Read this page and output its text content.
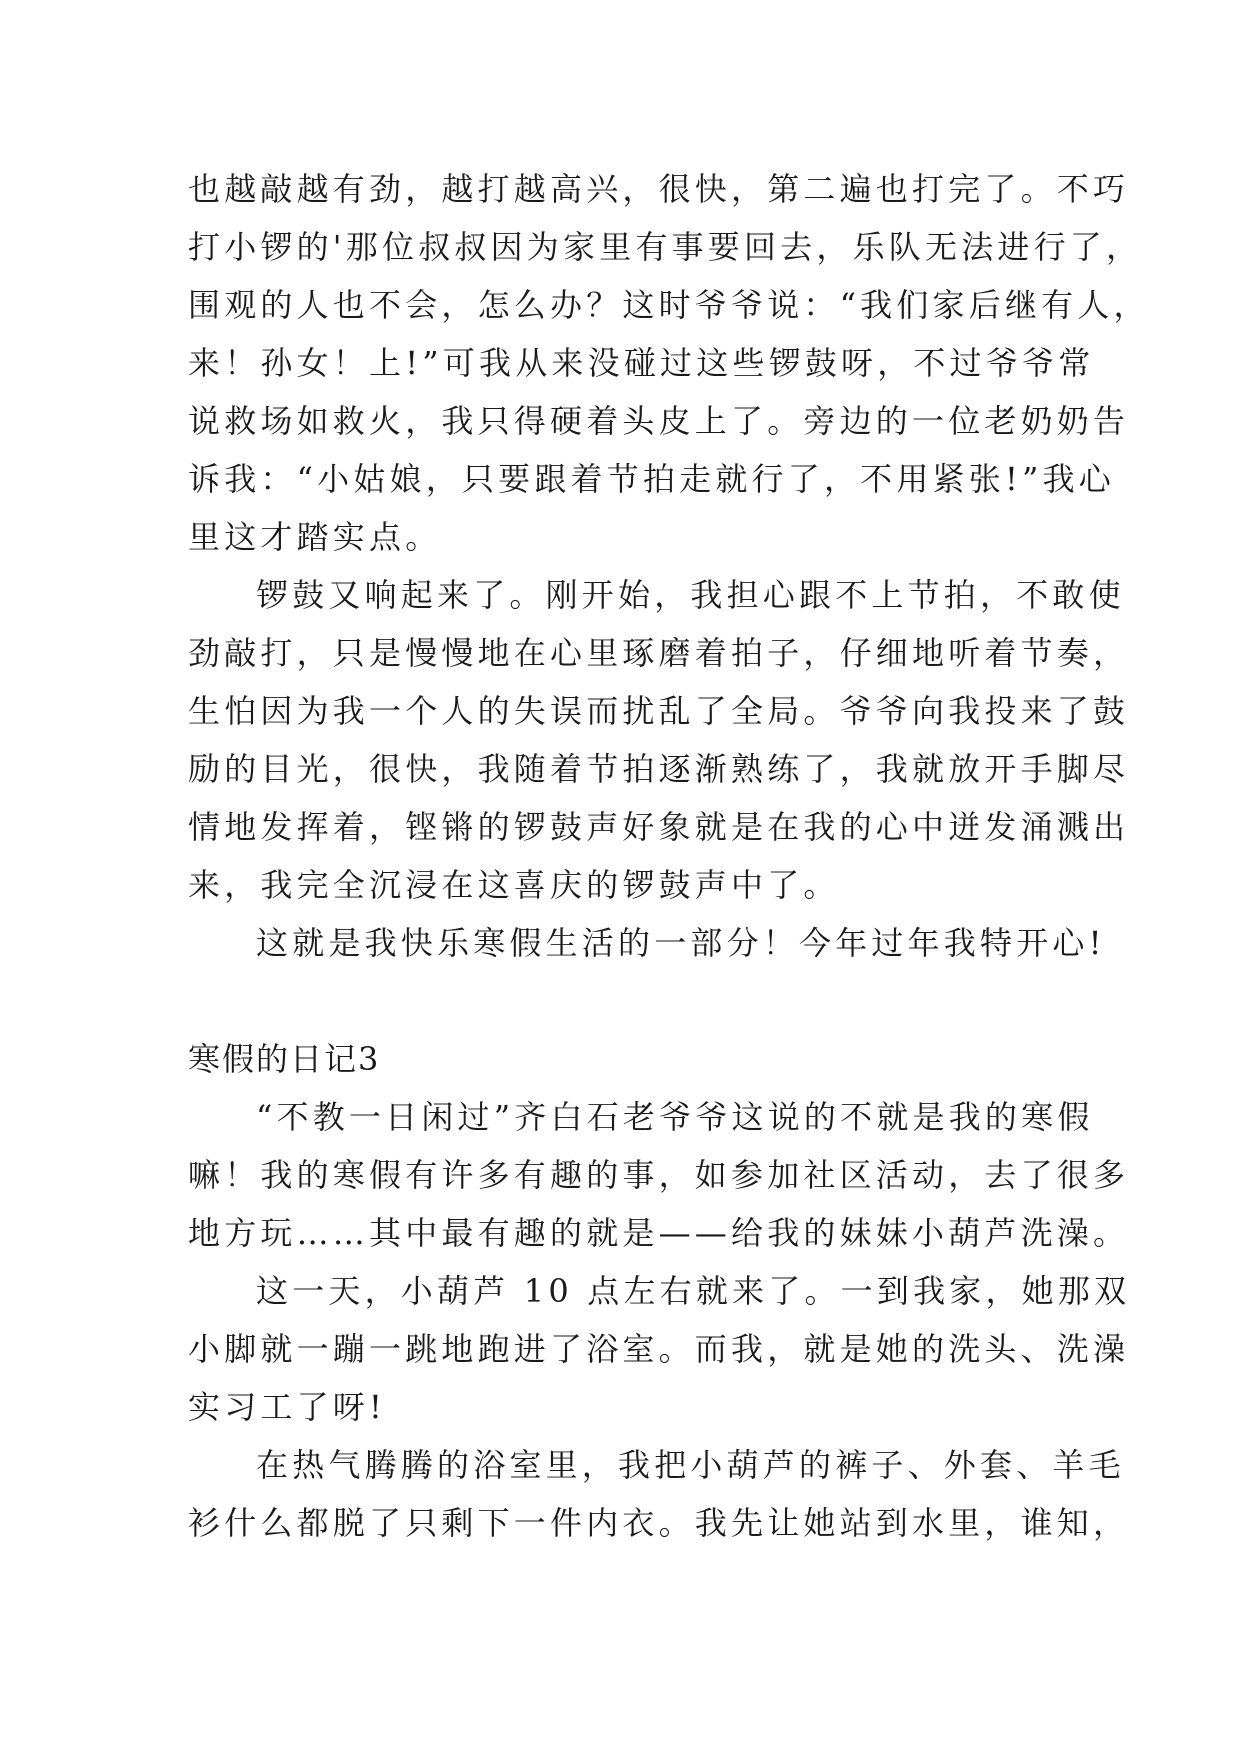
也越敲越有劲，越打越高兴，很快，第二遍也打完了。不巧
打小锣的'那位叔叔因为家里有事要回去，乐队无法进行了，
围观的人也不会，怎么办？这时爷爷说：“我们家后继有人，
来！孙女！上!”可我从来没碰过这些锣鼓呀，不过爷爷常
说救场如救火，我只得硬着头皮上了。旁边的一位老奶奶告
诉我：“小姑娘，只要跟着节拍走就行了，不用紧张!”我心
里这才踏实点。
锣鼓又响起来了。刚开始，我担心跟不上节拍，不敢使
劲敲打，只是慢慢地在心里琢磨着拍子，仔细地听着节奏，
生怕因为我一个人的失误而扰乱了全局。爷爷向我投来了鼓
励的目光，很快，我随着节拍逐渐熟练了，我就放开手脚尽
情地发挥着，铿锵的锣鼓声好象就是在我的心中迸发涌溅出
来，我完全沉浸在这喜庆的锣鼓声中了。
这就是我快乐寒假生活的一部分！今年过年我特开心!
寒假的日记3
“不教一日闲过”齐白石老爷爷这说的不就是我的寒假
嘛！我的寒假有许多有趣的事，如参加社区活动，去了很多
地方玩……其中最有趣的就是——给我的妹妹小葫芦洗澡。
这一天，小葫芦 10 点左右就来了。一到我家，她那双
小脚就一蹦一跳地跑进了浴室。而我，就是她的洗头、洗澡
实习工了呀!
在热气腾腾的浴室里，我把小葫芦的裤子、外套、羊毛
衫什么都脱了只剩下一件内衣。我先让她站到水里，谁知，
